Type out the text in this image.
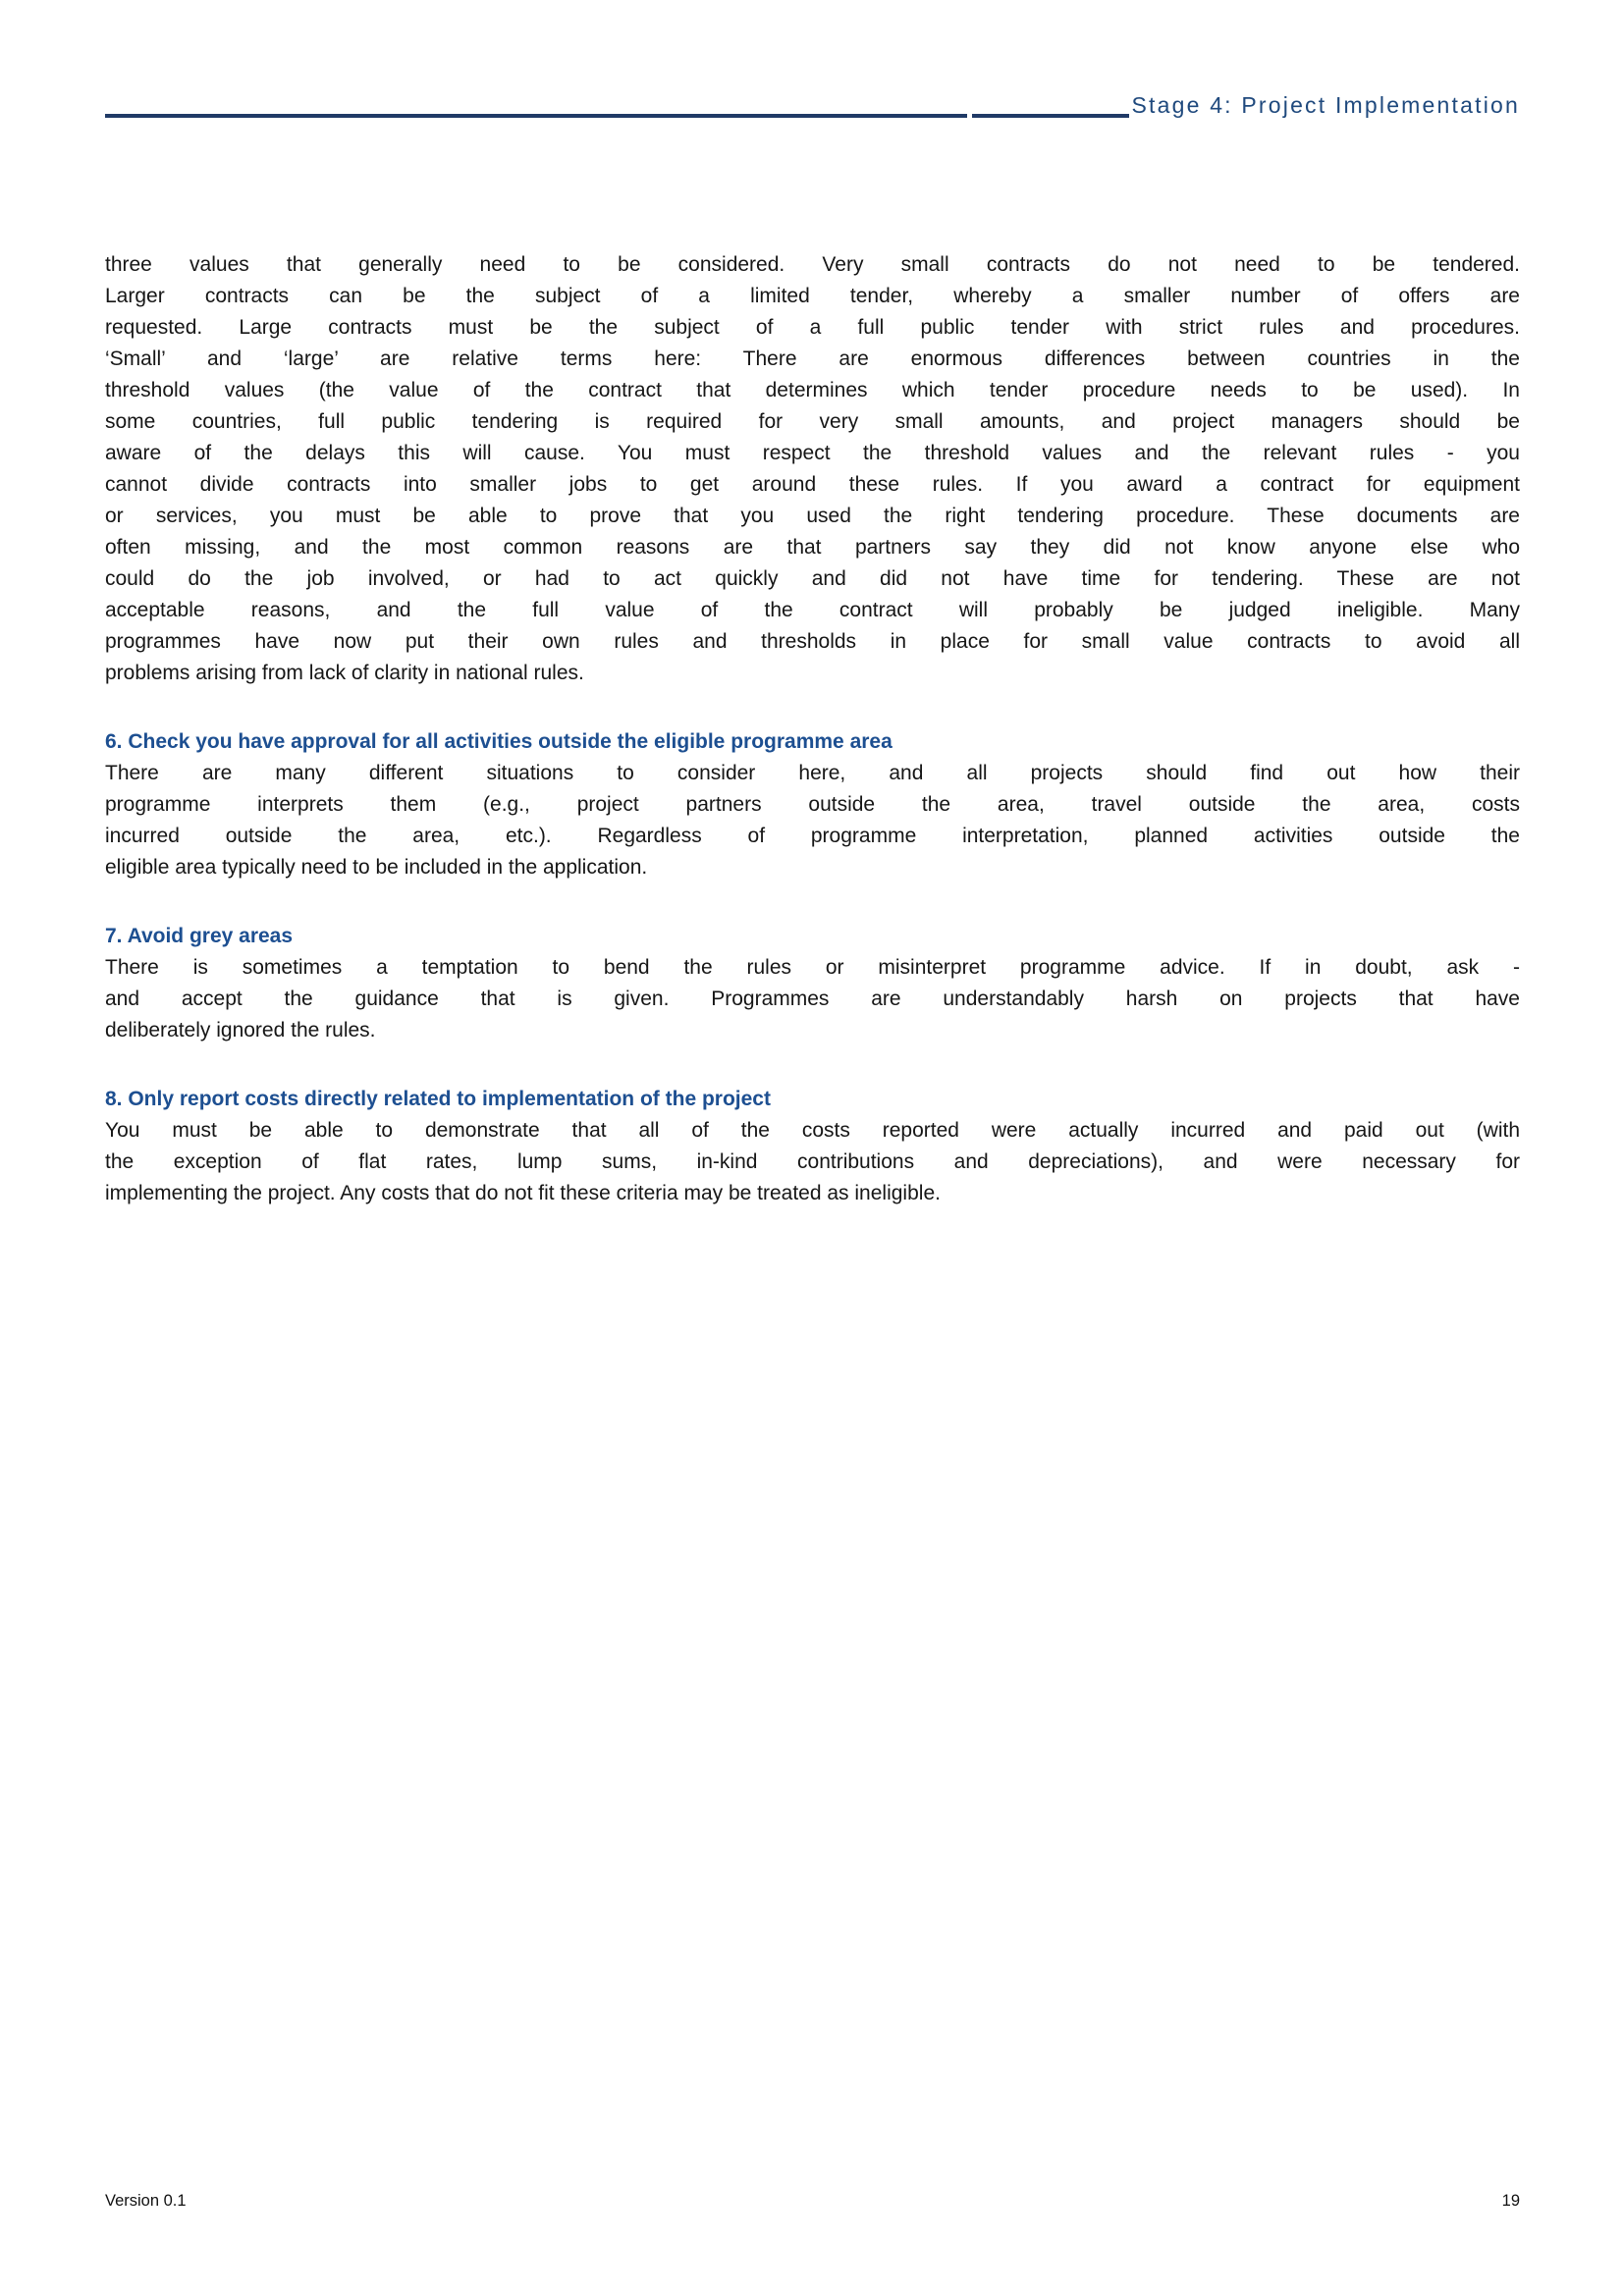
Stage 4: Project Implementation
three values that generally need to be considered. Very small contracts do not need to be tendered.
Larger contracts can be the subject of a limited tender, whereby a smaller number of offers are
requested. Large contracts must be the subject of a full public tender with strict rules and procedures.
‘Small’ and ‘large’ are relative terms here: There are enormous differences between countries in the
threshold values (the value of the contract that determines which tender procedure needs to be used). In
some countries, full public tendering is required for very small amounts, and project managers should be
aware of the delays this will cause. You must respect the threshold values and the relevant rules - you
cannot divide contracts into smaller jobs to get around these rules. If you award a contract for equipment
or services, you must be able to prove that you used the right tendering procedure. These documents are
often missing, and the most common reasons are that partners say they did not know anyone else who
could do the job involved, or had to act quickly and did not have time for tendering. These are not
acceptable reasons, and the full value of the contract will probably be judged ineligible. Many
programmes have now put their own rules and thresholds in place for small value contracts to avoid all
problems arising from lack of clarity in national rules.
6. Check you have approval for all activities outside the eligible programme area
There are many different situations to consider here, and all projects should find out how their
programme interprets them (e.g., project partners outside the area, travel outside the area, costs
incurred outside the area, etc.). Regardless of programme interpretation, planned activities outside the
eligible area typically need to be included in the application.
7. Avoid grey areas
There is sometimes a temptation to bend the rules or misinterpret programme advice. If in doubt, ask -
and accept the guidance that is given. Programmes are understandably harsh on projects that have
deliberately ignored the rules.
8. Only report costs directly related to implementation of the project
You must be able to demonstrate that all of the costs reported were actually incurred and paid out (with
the exception of flat rates, lump sums, in-kind contributions and depreciations), and were necessary for
implementing the project. Any costs that do not fit these criteria may be treated as ineligible.
Version 0.1	19
